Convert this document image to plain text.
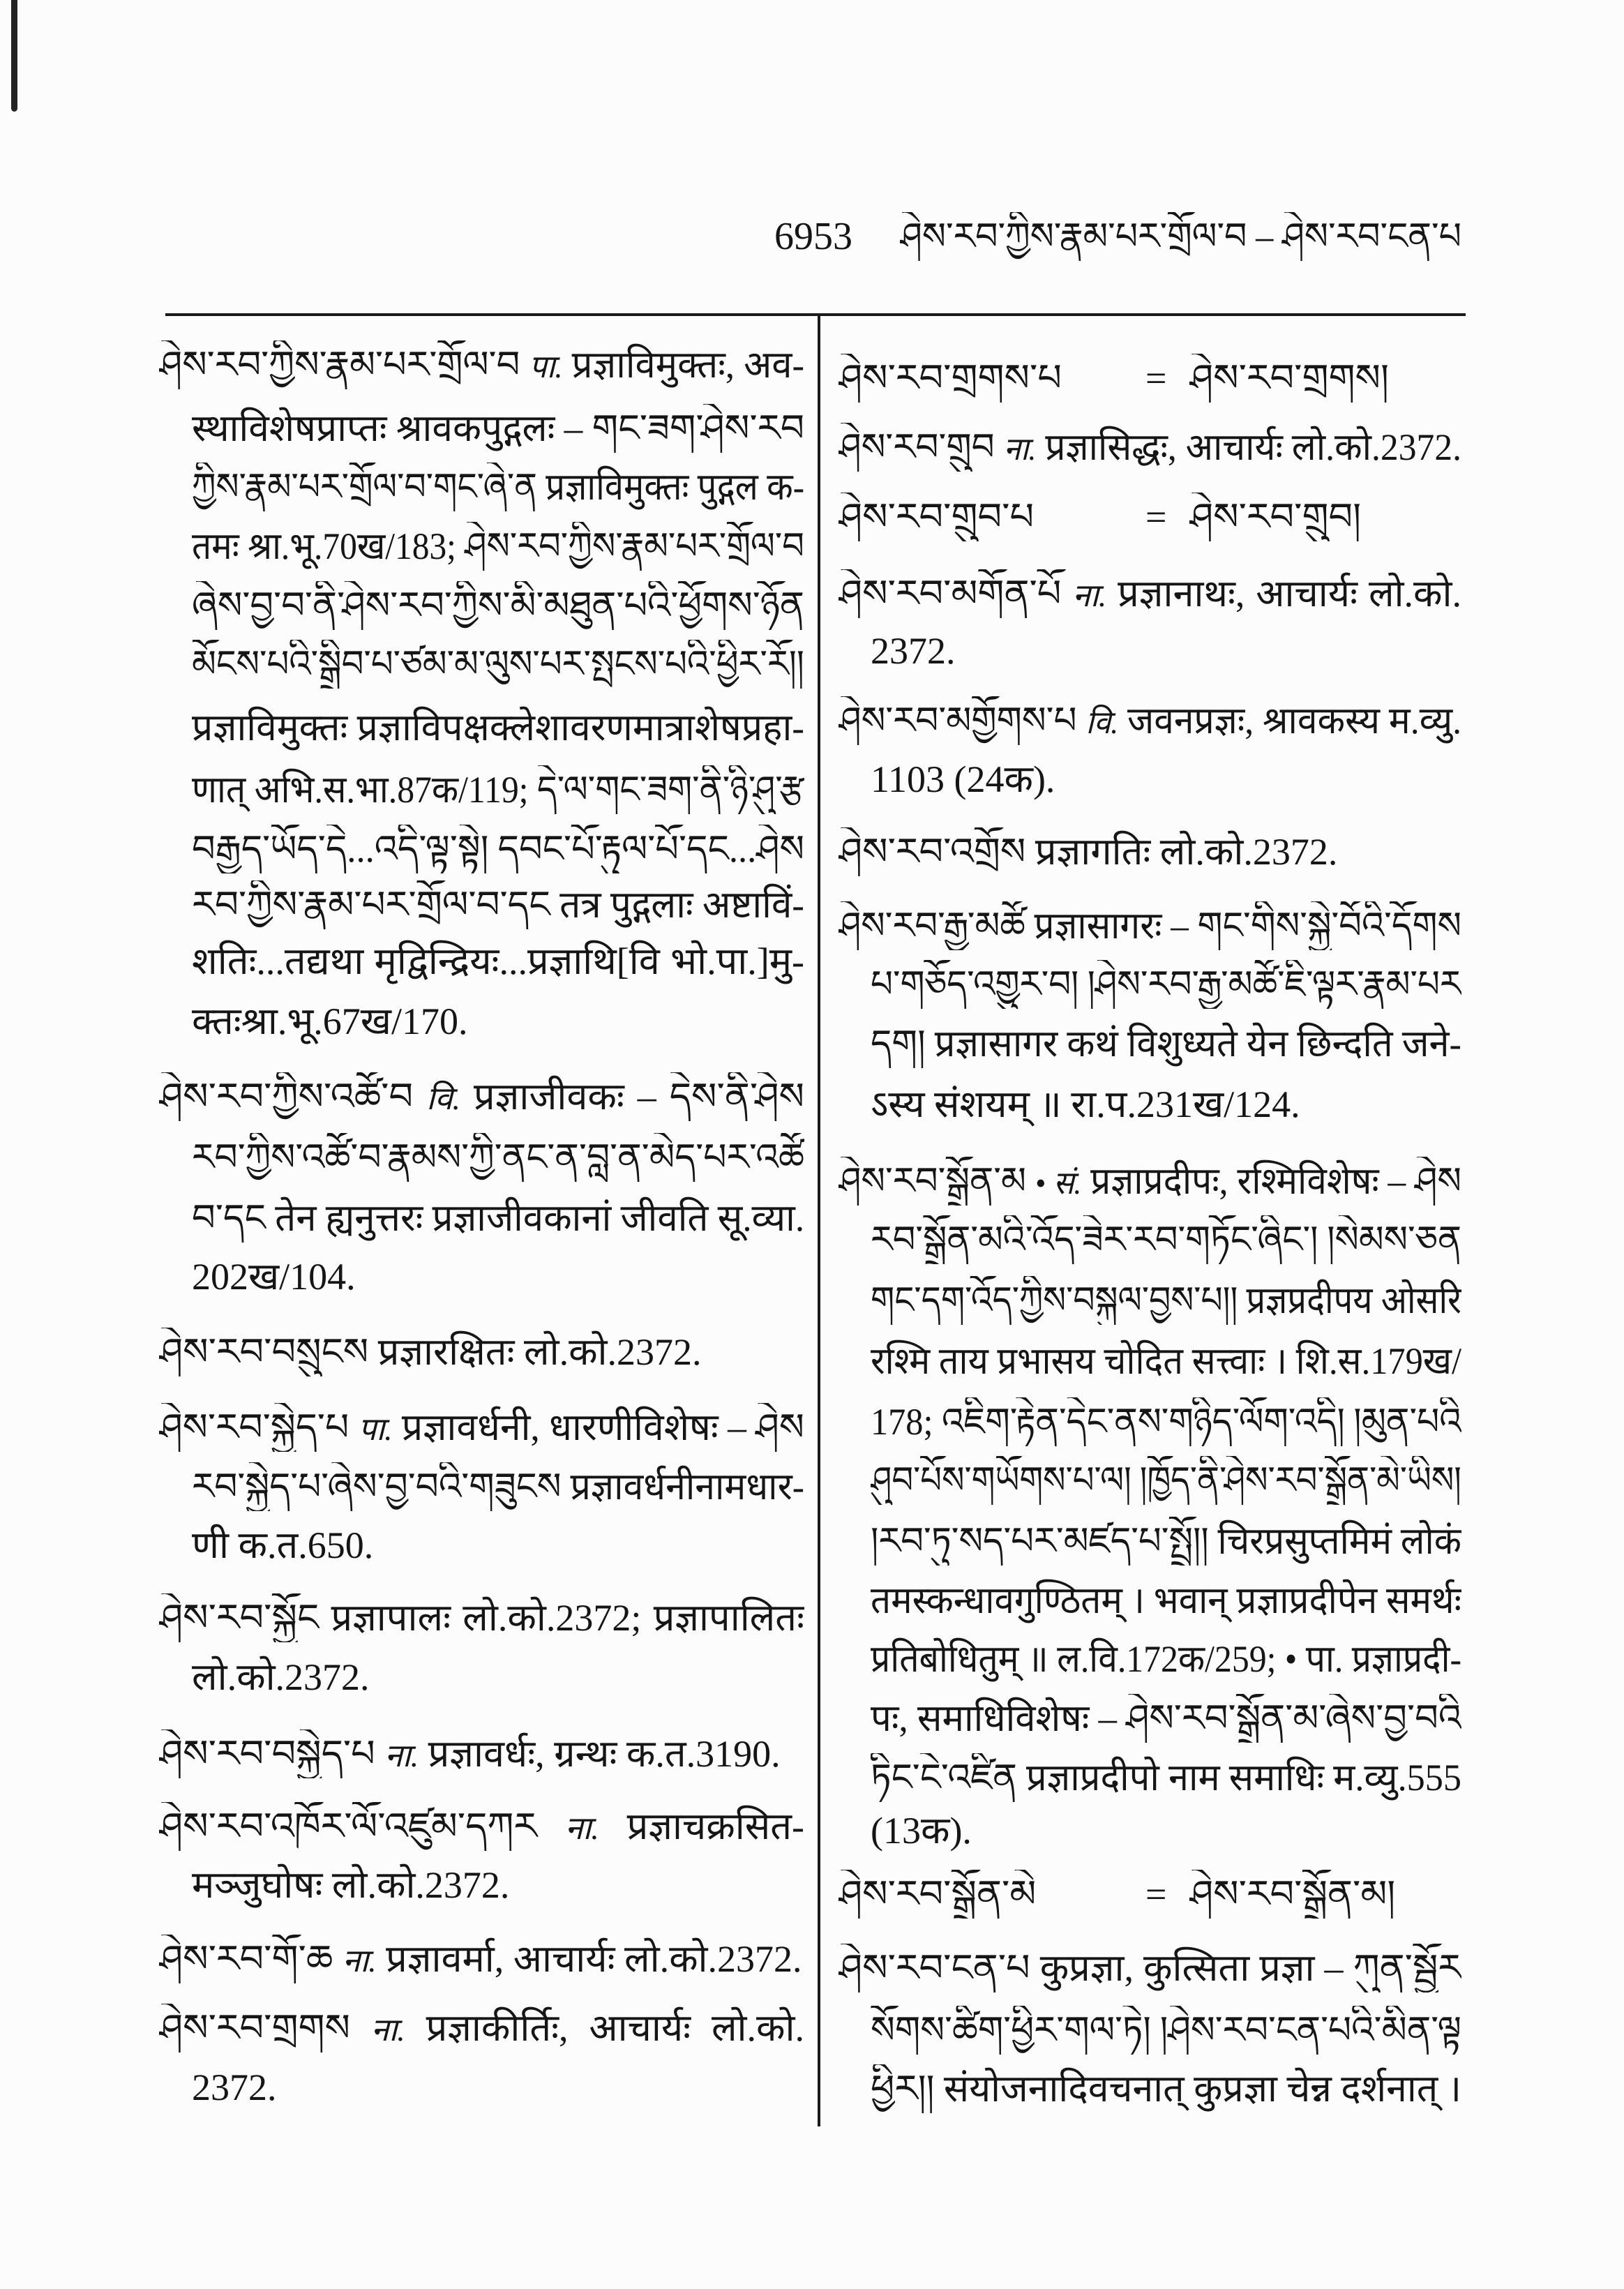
6953	ཤེས་རབ་ཀྱིས་རྣམ་པར་གྲོལ་བ – ཤེས་རབ་ངན་པ
ཤེས་རབ་ཀྱིས་རྣམ་པར་གྲོལ་བ पा. प्रज्ञाविमुक्तः, अव-
स्थाविशेषप्राप्तः श्रावकपुद्गलः – གང་ཟག་ཤེས་རབ
ཀྱིས་རྣམ་པར་གྲོལ་བ་གང་ཞེ་ན प्रज्ञाविमुक्तः पुद्गल क-
तमः श्रा.भू.70ख/183; ཤེས་རབ་ཀྱིས་རྣམ་པར་གྲོལ་བ
ཞེས་བྱ་བ་ནི་ཤེས་རབ་ཀྱིས་མི་མཐུན་པའི་ཕྱོགས་ཉོན
མོངས་པའི་སྒྲིབ་པ་ཙམ་མ་ལུས་པར་སྤངས་པའི་ཕྱིར་རོ།།
प्रज्ञाविमुक्तः प्रज्ञाविपक्षक्लेशावरणमात्राशेषप्रहा-
णात् अभि.स.भा.87क/119; དེ་ལ་གང་ཟག་ནི་ཉི་ཤུ་རྩ
བརྒྱད་ཡོད་དེ...འདི་ལྟ་སྟེ། དབང་པོ་རྟུལ་པོ་དང...ཤེས
རབ་ཀྱིས་རྣམ་པར་གྲོལ་བ་དང तत्र पुद्गलाः अष्टाविं-
शतिः...तद्यथा मृद्विन्द्रियः...प्रज्ञाथि[वि भो.पा.]मु-
क्तःश्रा.भू.67ख/170.
ཤེས་རབ་ཀྱིས་འཚོ་བ वि. प्रज्ञाजीवकः – དེས་ནི་ཤེས
རབ་ཀྱིས་འཚོ་བ་རྣམས་ཀྱི་ནང་ན་བླ་ན་མེད་པར་འཚོ
བ་དང तेन ह्यनुत्तरः प्रज्ञाजीवकानां जीवति सू.व्या.
202ख/104.
ཤེས་རབ་བསྲུངས प्रज्ञारक्षितः लो.को.2372.
ཤེས་རབ་སྐྱེད་པ पा. प्रज्ञावर्धनी, धारणीविशेषः – ཤེས
རབ་སྐྱེད་པ་ཞེས་བྱ་བའི་གཟུངས प्रज्ञावर्धनीनामधार-
णी क.त.650.
ཤེས་རབ་སྐྱོང प्रज्ञापालः लो.को.2372; प्रज्ञापालितः
लो.को.2372.
ཤེས་རབ་བསྐྱེད་པ ना. प्रज्ञावर्धः, ग्रन्थः क.त.3190.
ཤེས་རབ་འཁོར་ལོ་འཛུམ་དཀར ना. प्रज्ञाचक्रसित-
मञ्जुघोषः लो.को.2372.
ཤེས་རབ་གོ་ཆ ना. प्रज्ञावर्मा, आचार्यः लो.को.2372.
ཤེས་རབ་གྲགས ना. प्रज्ञाकीर्तिः, आचार्यः लो.को.
2372.
ཤེས་རབ་གྲགས་པ = ཤེས་རབ་གྲགས།
ཤེས་རབ་གྲུབ ना. प्रज्ञासिद्धः, आचार्यः लो.को.2372.
ཤེས་རབ་གྲུབ་པ	= ཤེས་རབ་གྲུབ།
ཤེས་རབ་མགོན་པོ ना. प्रज्ञानाथः, आचार्यः लो.को.
2372.
ཤེས་རབ་མགྱོགས་པ वि. जवनप्रज्ञः, श्रावकस्य म.व्यु.
1103 (24क).
ཤེས་རབ་འགྲོས प्रज्ञागतिः लो.को.2372.
ཤེས་རབ་རྒྱ་མཚོ प्रज्ञासागरः – གང་གིས་སྐྱེ་བོའི་དོགས
པ་གཅོད་འགྱུར་བ། །ཤེས་རབ་རྒྱ་མཚོ་ཇི་ལྟར་རྣམ་པར
དག། प्रज्ञासागर कथं विशुध्यते येन छिन्दति जने-
ऽस्य संशयम् ॥ रा.प.231ख/124.
ཤེས་རབ་སྒྲོན་མ • सं. प्रज्ञाप्रदीपः, रश्मिविशेषः – ཤེས
རབ་སྒྲོན་མའི་འོད་ཟེར་རབ་གཏོང་ཞིང་། །སེམས་ཅན
གང་དག་འོད་ཀྱིས་བསྐུལ་བྱས་པ།། प्रज्ञप्रदीपय ओसरि
रश्मि ताय प्रभासय चोदित सत्त्वाः । शि.स.179ख/
178; འཇིག་རྟེན་དེང་ནས་གཉིད་ལོག་འདི། །མུན་པའི
ཤུབ་པོས་གཡོགས་པ་ལ། །ཁྱོད་ནི་ཤེས་རབ་སྒྲོན་མེ་ཡིས།
།རབ་ཏུ་སད་པར་མཛད་པ་སྤྲོ།། चिरप्रसुप्तमिमं लोकं
तमस्कन्धावगुण्ठितम् । भवान् प्रज्ञाप्रदीपेन समर्थः
प्रतिबोधितुम् ॥ ल.वि.172क/259; • पा. प्रज्ञाप्रदी-
पः, समाधिविशेषः – ཤེས་རབ་སྒྲོན་མ་ཞེས་བྱ་བའི
ཏིང་ངེ་འཛིན प्रज्ञाप्रदीपो नाम समाधिः म.व्यु.555
(13क).
ཤེས་རབ་སྒྲོན་མེ	= ཤེས་རབ་སྒྲོན་མ།
ཤེས་རབ་ངན་པ कुप्रज्ञा, कुत्सिता प्रज्ञा – ཀུན་སྦྱོར
སོགས་ཚིག་ཕྱིར་གལ་ཏེ། །ཤེས་རབ་ངན་པའི་མིན་ལྟ
ཕྱིར།། संयोजनादिवचनात् कुप्रज्ञा चेन्न दर्शनात् ।
